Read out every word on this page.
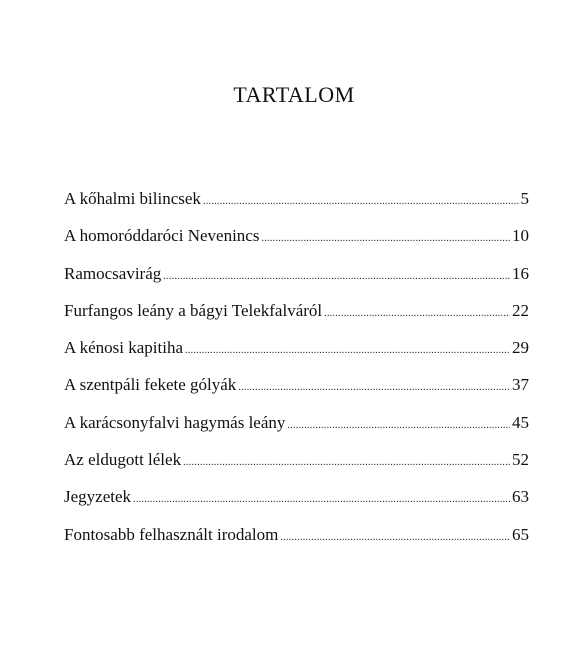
TARTALOM
A kőhalmi bilincsek .....	5
A homoróddaróci Nevenincs .....	10
Ramocsavirág .....	16
Furfangos leány a bágyi Telekfalváról .....	22
A kénosi kapitiha .....	29
A szentpáli fekete gólyák .....	37
A karácsonyfalvi hagymás leány .....	45
Az eldugott lélek .....	52
Jegyzetek .....	63
Fontosabb felhasznált irodalom .....	65
